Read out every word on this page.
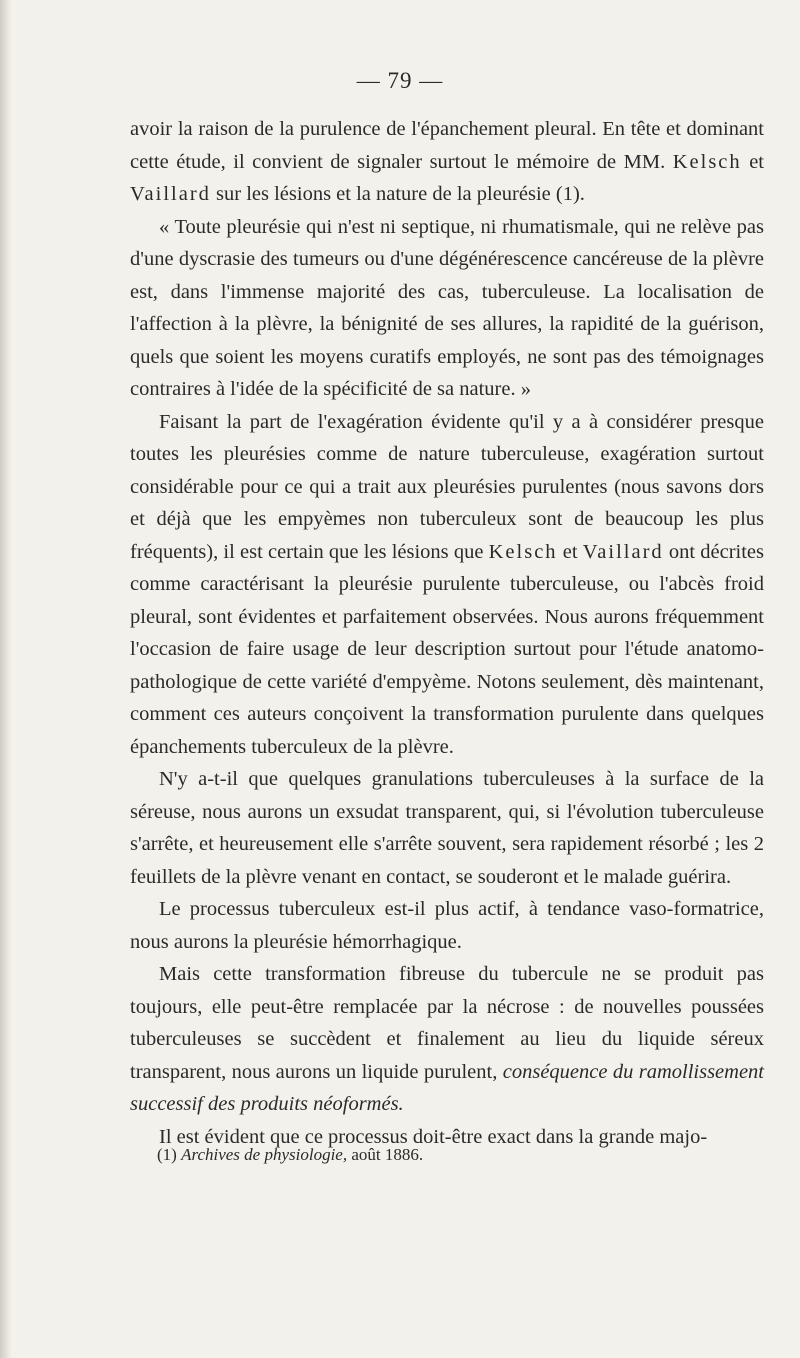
— 79 —

avoir la raison de la purulence de l'épanchement pleural. En tête et dominant cette étude, il convient de signaler surtout le mémoire de MM. Kelsch et Vaillard sur les lésions et la nature de la pleurésie (1).

« Toute pleurésie qui n'est ni septique, ni rhumatismale, qui ne relève pas d'une dyscrasie des tumeurs ou d'une dégénérescence cancéreuse de la plèvre est, dans l'immense majorité des cas, tuberculeuse. La localisation de l'affection à la plèvre, la bénignité de ses allures, la rapidité de la guérison, quels que soient les moyens curatifs employés, ne sont pas des témoignages contraires à l'idée de la spécificité de sa nature. »

Faisant la part de l'exagération évidente qu'il y a à considérer presque toutes les pleurésies comme de nature tuberculeuse, exagération surtout considérable pour ce qui a trait aux pleurésies purulentes (nous savons dors et déjà que les empyèmes non tuberculeux sont de beaucoup les plus fréquents), il est certain que les lésions que Kelsch et Vaillard ont décrites comme caractérisant la pleurésie purulente tuberculeuse, ou l'abcès froid pleural, sont évidentes et parfaitement observées. Nous aurons fréquemment l'occasion de faire usage de leur description surtout pour l'étude anatomo-pathologique de cette variété d'empyème. Notons seulement, dès maintenant, comment ces auteurs conçoivent la transformation purulente dans quelques épanchements tuberculeux de la plèvre.

N'y a-t-il que quelques granulations tuberculeuses à la surface de la séreuse, nous aurons un exsudat transparent, qui, si l'évolution tuberculeuse s'arrête, et heureusement elle s'arrête souvent, sera rapidement résorbé ; les 2 feuillets de la plèvre venant en contact, se souderont et le malade guérira.

Le processus tuberculeux est-il plus actif, à tendance vaso-formatrice, nous aurons la pleurésie hémorrhagique.

Mais cette transformation fibreuse du tubercule ne se produit pas toujours, elle peut-être remplacée par la nécrose : de nouvelles poussées tuberculeuses se succèdent et finalement au lieu du liquide séreux transparent, nous aurons un liquide purulent, conséquence du ramollissement successif des produits néoformés.

Il est évident que ce processus doit-être exact dans la grande majo-

(1) Archives de physiologie, août 1886.
